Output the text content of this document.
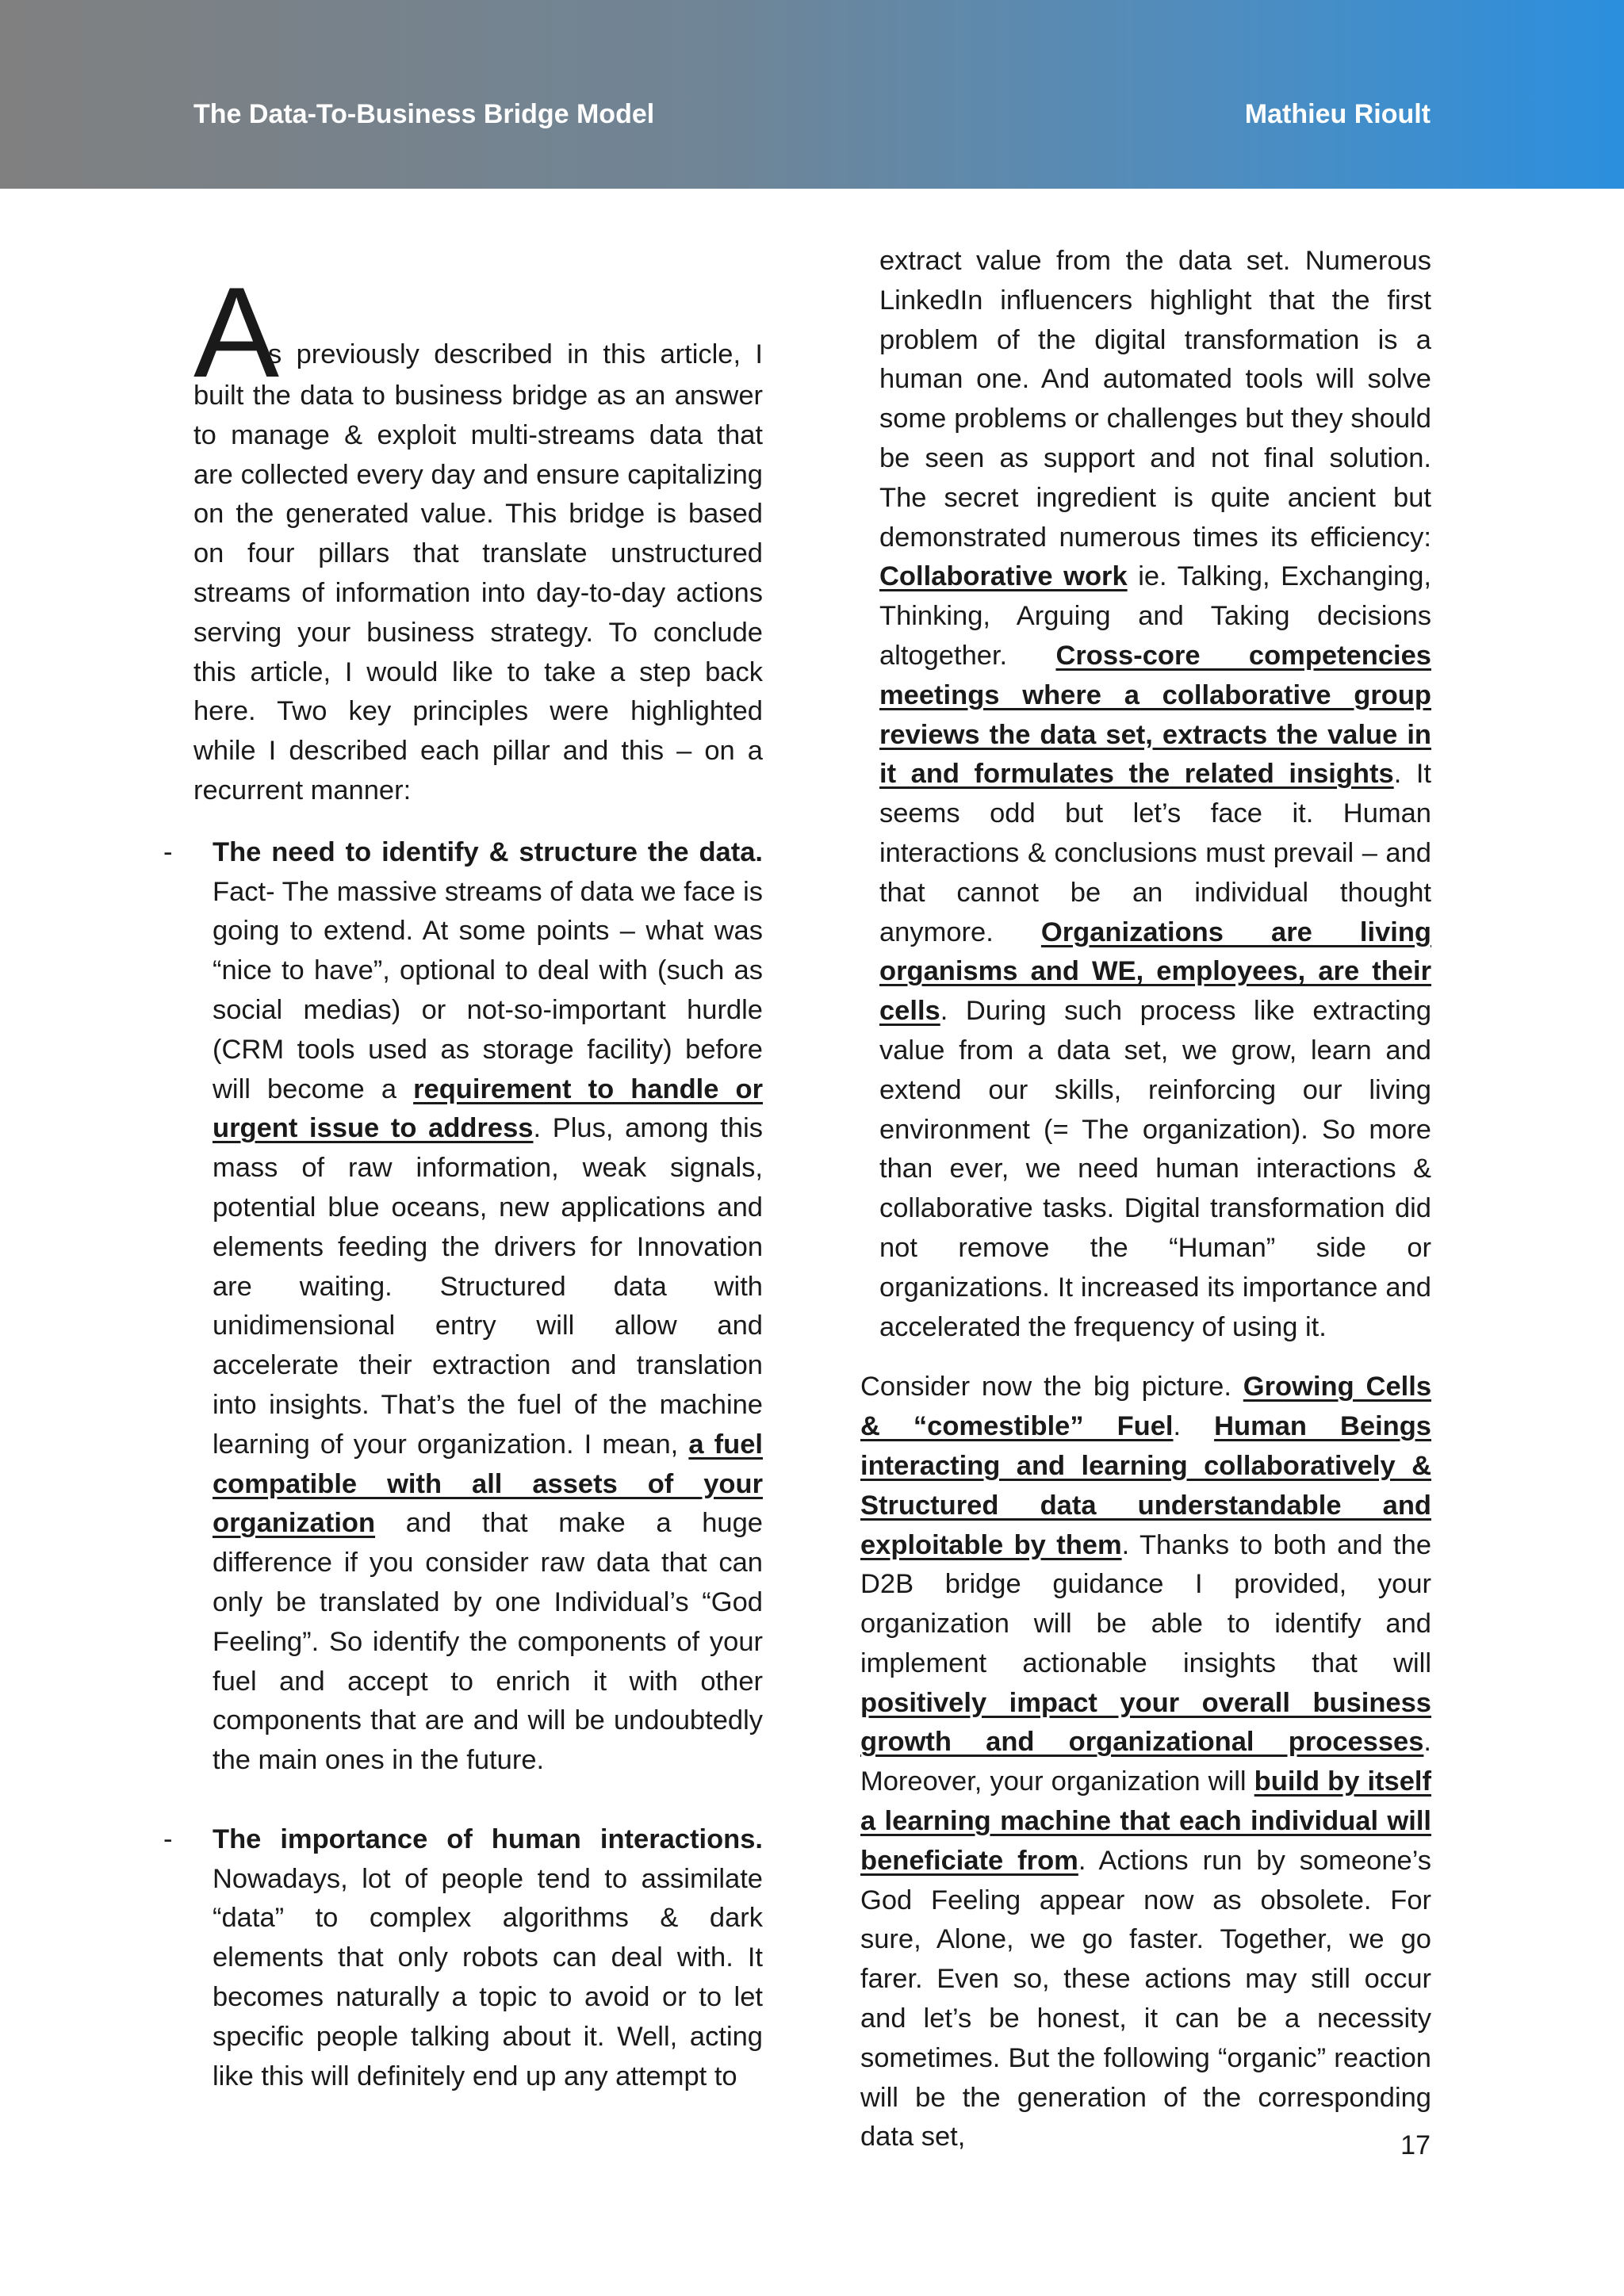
The Data-To-Business Bridge Model	Mathieu Rioult
A
s previously described in this article, I

built the data to business bridge as an answer to manage & exploit multi-streams data that are collected every day and ensure capitalizing on the generated value. This bridge is based on four pillars that translate unstructured streams of information into day-to-day actions serving your business strategy. To conclude this article, I would like to take a step back here. Two key principles were highlighted while I described each pillar and this – on a recurrent manner:

- The need to identify & structure the data. Fact- The massive streams of data we face is going to extend. At some points – what was “nice to have”, optional to deal with (such as social medias) or not-so-important hurdle (CRM tools used as storage facility) before will become a requirement to handle or urgent issue to address. Plus, among this mass of raw information, weak signals, potential blue oceans, new applications and elements feeding the drivers for Innovation are waiting. Structured data with unidimensional entry will allow and accelerate their extraction and translation into insights. That’s the fuel of the machine learning of your organization. I mean, a fuel compatible with all assets of your organization and that make a huge difference if you consider raw data that can only be translated by one Individual’s “God Feeling”. So identify the components of your fuel and accept to enrich it with other components that are and will be undoubtedly the main ones in the future.
- The importance of human interactions. Nowadays, lot of people tend to assimilate “data” to complex algorithms & dark elements that only robots can deal with. It becomes naturally a topic to avoid or to let specific people talking about it. Well, acting like this will definitely end up any attempt to

extract value from the data set. Numerous LinkedIn influencers highlight that the first problem of the digital transformation is a human one. And automated tools will solve some problems or challenges but they should be seen as support and not final solution. The secret ingredient is quite ancient but demonstrated numerous times its efficiency: Collaborative work ie. Talking, Exchanging, Thinking, Arguing and Taking decisions altogether. Cross-core competencies meetings where a collaborative group reviews the data set, extracts the value in it and formulates the related insights. It seems odd but let’s face it. Human interactions & conclusions must prevail – and that cannot be an individual thought anymore. Organizations are living organisms and WE, employees, are their cells. During such process like extracting value from a data set, we grow, learn and extend our skills, reinforcing our living environment (= The organization). So more than ever, we need human interactions & collaborative tasks. Digital transformation did not remove the “Human” side or organizations. It increased its importance and accelerated the frequency of using it.

Consider now the big picture. Growing Cells & “comestible” Fuel. Human Beings interacting and learning collaboratively & Structured data understandable and exploitable by them. Thanks to both and the D2B bridge guidance I provided, your organization will be able to identify and implement actionable insights that will positively impact your overall business growth and organizational processes. Moreover, your organization will build by itself a learning machine that each individual will beneficiate from. Actions run by someone’s God Feeling appear now as obsolete. For sure, Alone, we go faster. Together, we go farer. Even so, these actions may still occur and let’s be honest, it can be a necessity sometimes. But the following “organic” reaction will be the generation of the corresponding data set,	17
